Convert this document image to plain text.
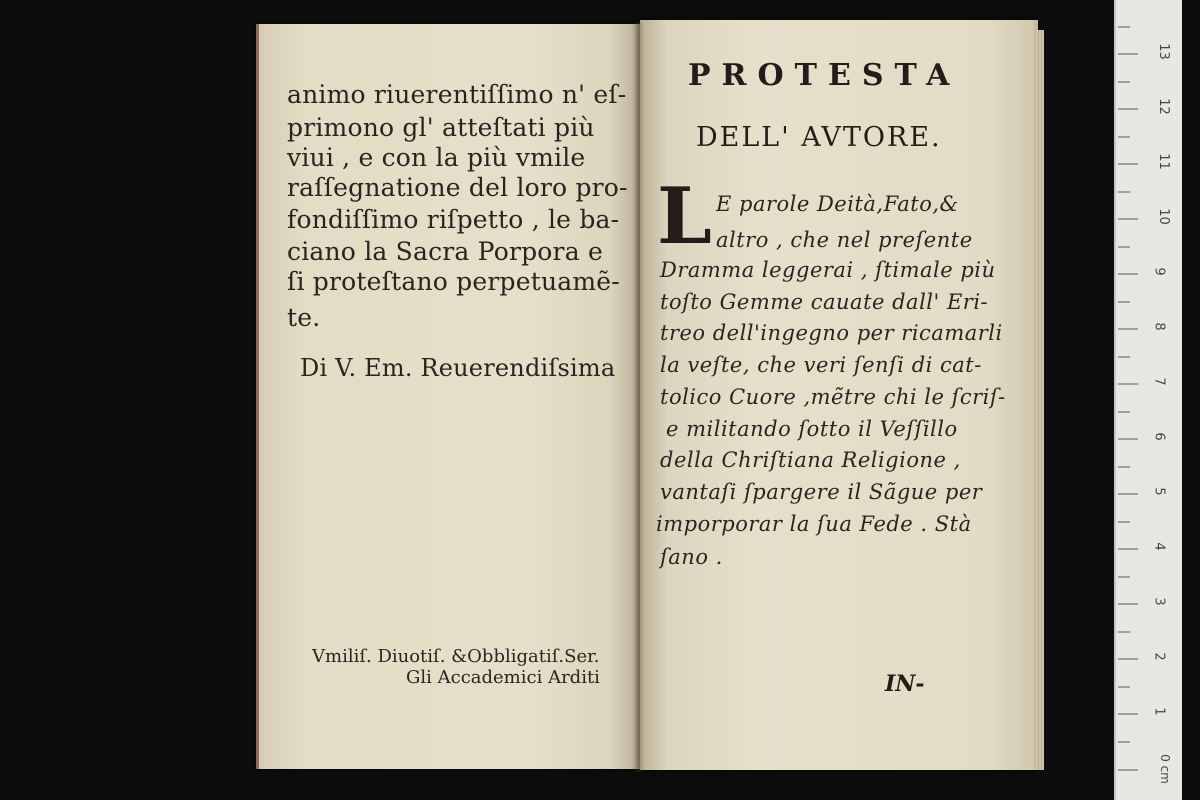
animo riuerentiſſimo n' eſ-

primono gl' atteſtati più

viui , e con la più vmile

raſſegnatione del loro pro-

fondiſſimo riſpetto , le ba-

ciano la Sacra Porpora e

ſi proteſtano perpetuamẽ-

te.

Di V. Em. Reuerendiſsima

Vmiliſ. Diuotiſ. &Obbligatiſ.Ser.

Gli Accademici Arditi

PROTESTA

DELL' AVTORE.

L E parole Deità,Fato,&

altro , che nel preſente

Dramma leggerai , ſtimale più

toſto Gemme cauate dall' Eri-

treo dell'ingegno per ricamarli

la veſte, che veri ſenſi di cat-

tolico Cuore ,mẽtre chi le ſcriſ-

e militando ſotto il Veſſillo

della Chriſtiana Religione ,

vantaſi ſpargere il Sãgue per

imporporar la ſua Fede . Stà

ſano .

IN-

13

12

11

10

9

8

7

6

5

4

3

2

1

0 cm
